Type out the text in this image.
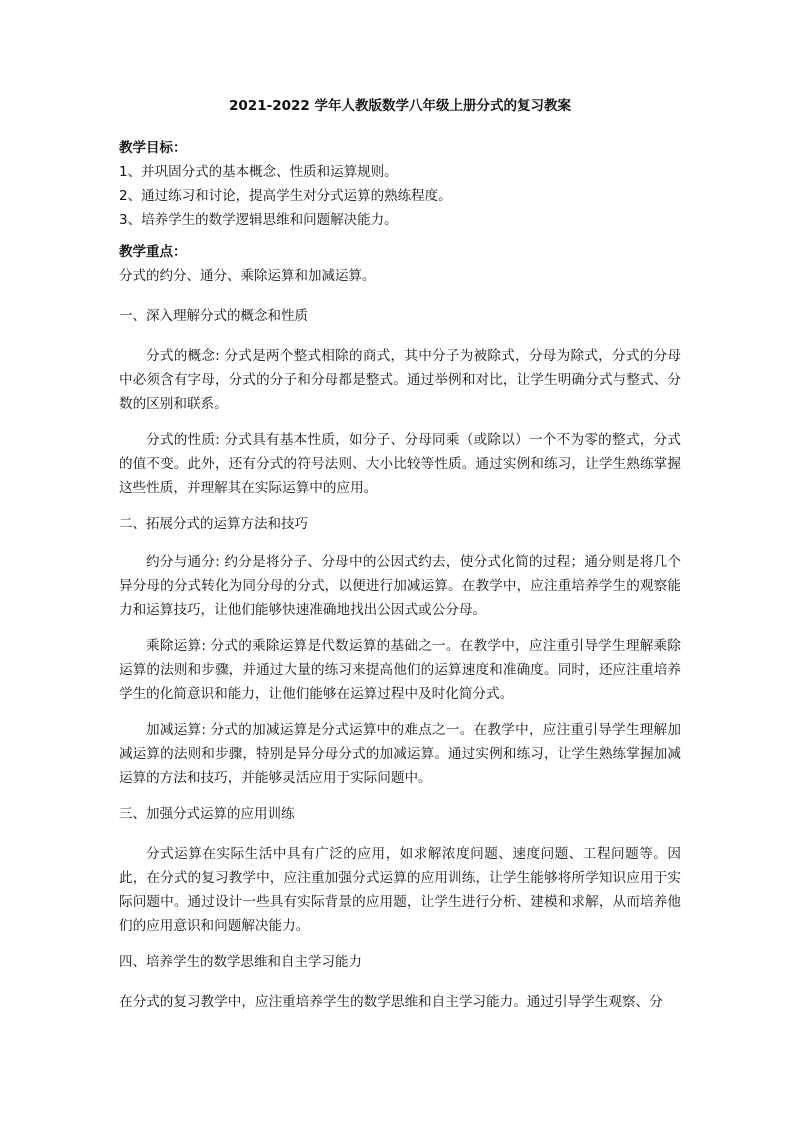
2021-2022 学年人教版数学八年级上册分式的复习教案
教学目标：
1、并巩固分式的基本概念、性质和运算规则。
2、通过练习和讨论，提高学生对分式运算的熟练程度。
3、培养学生的数学逻辑思维和问题解决能力。
教学重点：
分式的约分、通分、乘除运算和加减运算。
一、深入理解分式的概念和性质
分式的概念: 分式是两个整式相除的商式，其中分子为被除式，分母为除式，分式的分母中必须含有字母，分式的分子和分母都是整式。通过举例和对比，让学生明确分式与整式、分数的区别和联系。
分式的性质: 分式具有基本性质，如分子、分母同乘（或除以）一个不为零的整式，分式的值不变。此外，还有分式的符号法则、大小比较等性质。通过实例和练习，让学生熟练掌握这些性质，并理解其在实际运算中的应用。
二、拓展分式的运算方法和技巧
约分与通分: 约分是将分子、分母中的公因式约去，使分式化简的过程；通分则是将几个异分母的分式转化为同分母的分式，以便进行加减运算。在教学中，应注重培养学生的观察能力和运算技巧，让他们能够快速准确地找出公因式或公分母。
乘除运算: 分式的乘除运算是代数运算的基础之一。在教学中，应注重引导学生理解乘除运算的法则和步骤，并通过大量的练习来提高他们的运算速度和准确度。同时，还应注重培养学生的化简意识和能力，让他们能够在运算过程中及时化简分式。
加减运算: 分式的加减运算是分式运算中的难点之一。在教学中，应注重引导学生理解加减运算的法则和步骤，特别是异分母分式的加减运算。通过实例和练习，让学生熟练掌握加减运算的方法和技巧，并能够灵活应用于实际问题中。
三、加强分式运算的应用训练
分式运算在实际生活中具有广泛的应用，如求解浓度问题、速度问题、工程问题等。因此，在分式的复习教学中，应注重加强分式运算的应用训练，让学生能够将所学知识应用于实际问题中。通过设计一些具有实际背景的应用题，让学生进行分析、建模和求解，从而培养他们的应用意识和问题解决能力。
四、培养学生的数学思维和自主学习能力
在分式的复习教学中，应注重培养学生的数学思维和自主学习能力。通过引导学生观察、分
